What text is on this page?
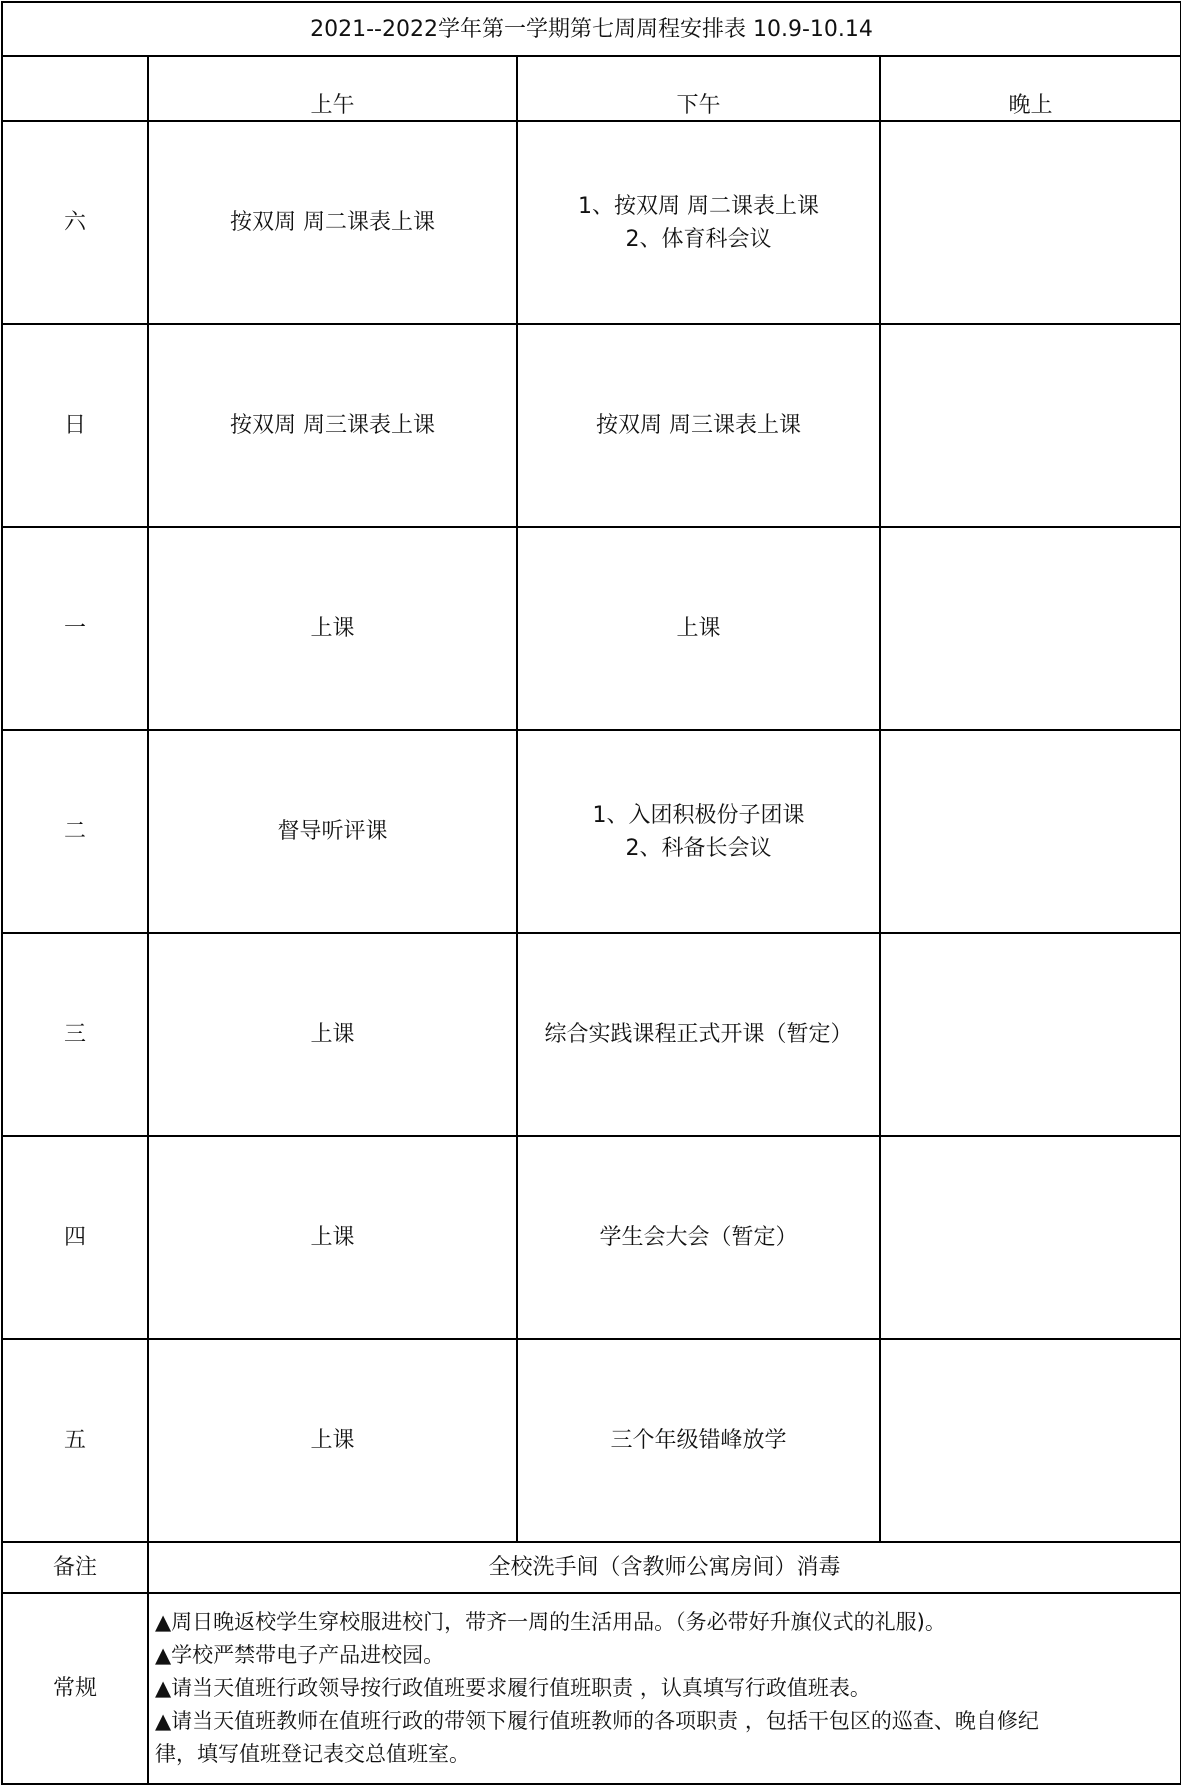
2021--2022学年第一学期第七周周程安排表 10.9-10.14			
	上午	下午	晚上
六	按双周 周二课表上课	1、按双周 周二课表上课
2、体育科会议	

日	按双周 周三课表上课	按双周 周三课表上课	

一	上课	上课	

二	督导听评课	1、入团积极份子团课
2、科备长会议	

三	上课	综合实践课程正式开课（暂定）	

四	上课	学生会大会（暂定）	

五	上课	三个年级错峰放学	

备注	全校洗手间（含教师公寓房间）消毒		
常规	▲周日晚返校学生穿校服进校门，带齐一周的生活用品。（务必带好升旗仪式的礼服)。
▲学校严禁带电子产品进校园。
▲请当天值班行政领导按行政值班要求履行值班职责 ，认真填写行政值班表。
▲请当天值班教师在值班行政的带领下履行值班教师的各项职责 ，包括干包区的巡查、晚自修纪
律，填写值班登记表交总值班室。		
